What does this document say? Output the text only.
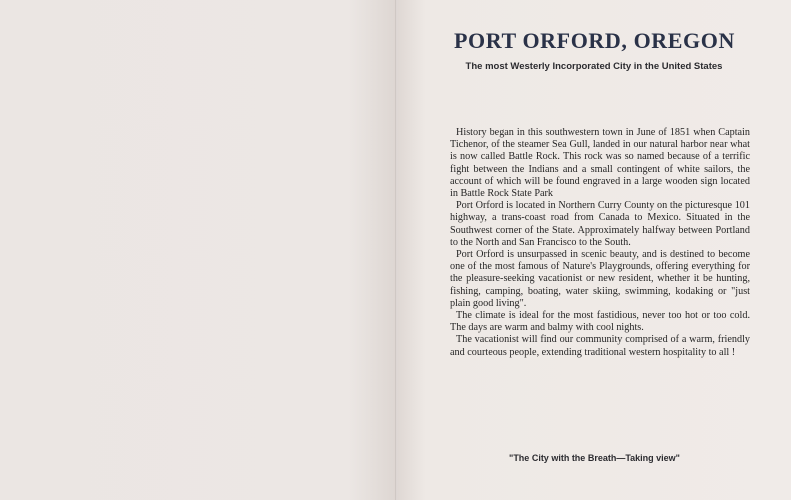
PORT ORFORD, OREGON

The most Westerly Incorporated City in the United States

History began in this southwestern town in June of 1851 when Captain Tichenor, of the steamer Sea Gull, landed in our natural harbor near what is now called Battle Rock. This rock was so named because of a terrific fight between the Indians and a small contingent of white sailors, the account of which will be found engraved in a large wooden sign located in Battle Rock State Park

Port Orford is located in Northern Curry County on the picturesque 101 highway, a trans-coast road from Canada to Mexico. Situated in the Southwest corner of the State. Approximately halfway between Portland to the North and San Francisco to the South.

Port Orford is unsurpassed in scenic beauty, and is destined to become one of the most famous of Nature's Playgrounds, offering everything for the pleasure-seeking vacationist or new resident, whether it be hunting, fishing, camping, boating, water skiing, swimming, kodaking or "just plain good living".

The climate is ideal for the most fastidious, never too hot or too cold. The days are warm and balmy with cool nights.

The vacationist will find our community comprised of a warm, friendly and courteous people, extending traditional western hospitality to all !

"The City with the Breath—Taking view"
